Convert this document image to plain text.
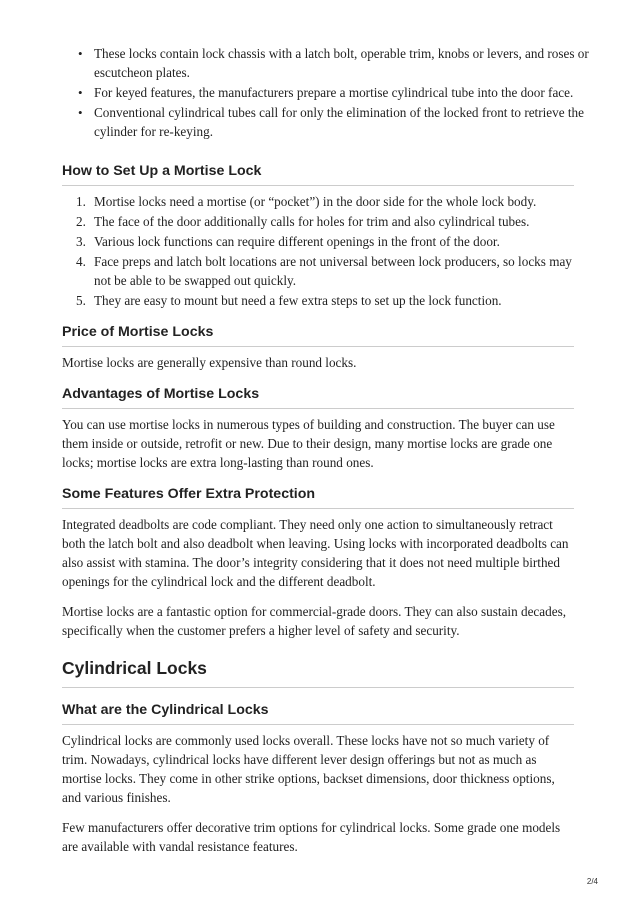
• These locks contain lock chassis with a latch bolt, operable trim, knobs or levers, and roses or escutcheon plates.
• For keyed features, the manufacturers prepare a mortise cylindrical tube into the door face.
• Conventional cylindrical tubes call for only the elimination of the locked front to retrieve the cylinder for re-keying.
How to Set Up a Mortise Lock
1. Mortise locks need a mortise (or “pocket”) in the door side for the whole lock body.
2. The face of the door additionally calls for holes for trim and also cylindrical tubes.
3. Various lock functions can require different openings in the front of the door.
4. Face preps and latch bolt locations are not universal between lock producers, so locks may not be able to be swapped out quickly.
5. They are easy to mount but need a few extra steps to set up the lock function.
Price of Mortise Locks

Mortise locks are generally expensive than round locks.

Advantages of Mortise Locks

You can use mortise locks in numerous types of building and construction. The buyer can use them inside or outside, retrofit or new. Due to their design, many mortise locks are grade one locks; mortise locks are extra long-lasting than round ones.

Some Features Offer Extra Protection

Integrated deadbolts are code compliant. They need only one action to simultaneously retract both the latch bolt and also deadbolt when leaving. Using locks with incorporated deadbolts can also assist with stamina. The door’s integrity considering that it does not need multiple birthed openings for the cylindrical lock and the different deadbolt.

Mortise locks are a fantastic option for commercial-grade doors. They can also sustain decades, specifically when the customer prefers a higher level of safety and security.

Cylindrical Locks
What are the Cylindrical Locks

Cylindrical locks are commonly used locks overall. These locks have not so much variety of trim. Nowadays, cylindrical locks have different lever design offerings but not as much as mortise locks. They come in other strike options, backset dimensions, door thickness options, and various finishes.

Few manufacturers offer decorative trim options for cylindrical locks. Some grade one models are available with vandal resistance features.

2/4
